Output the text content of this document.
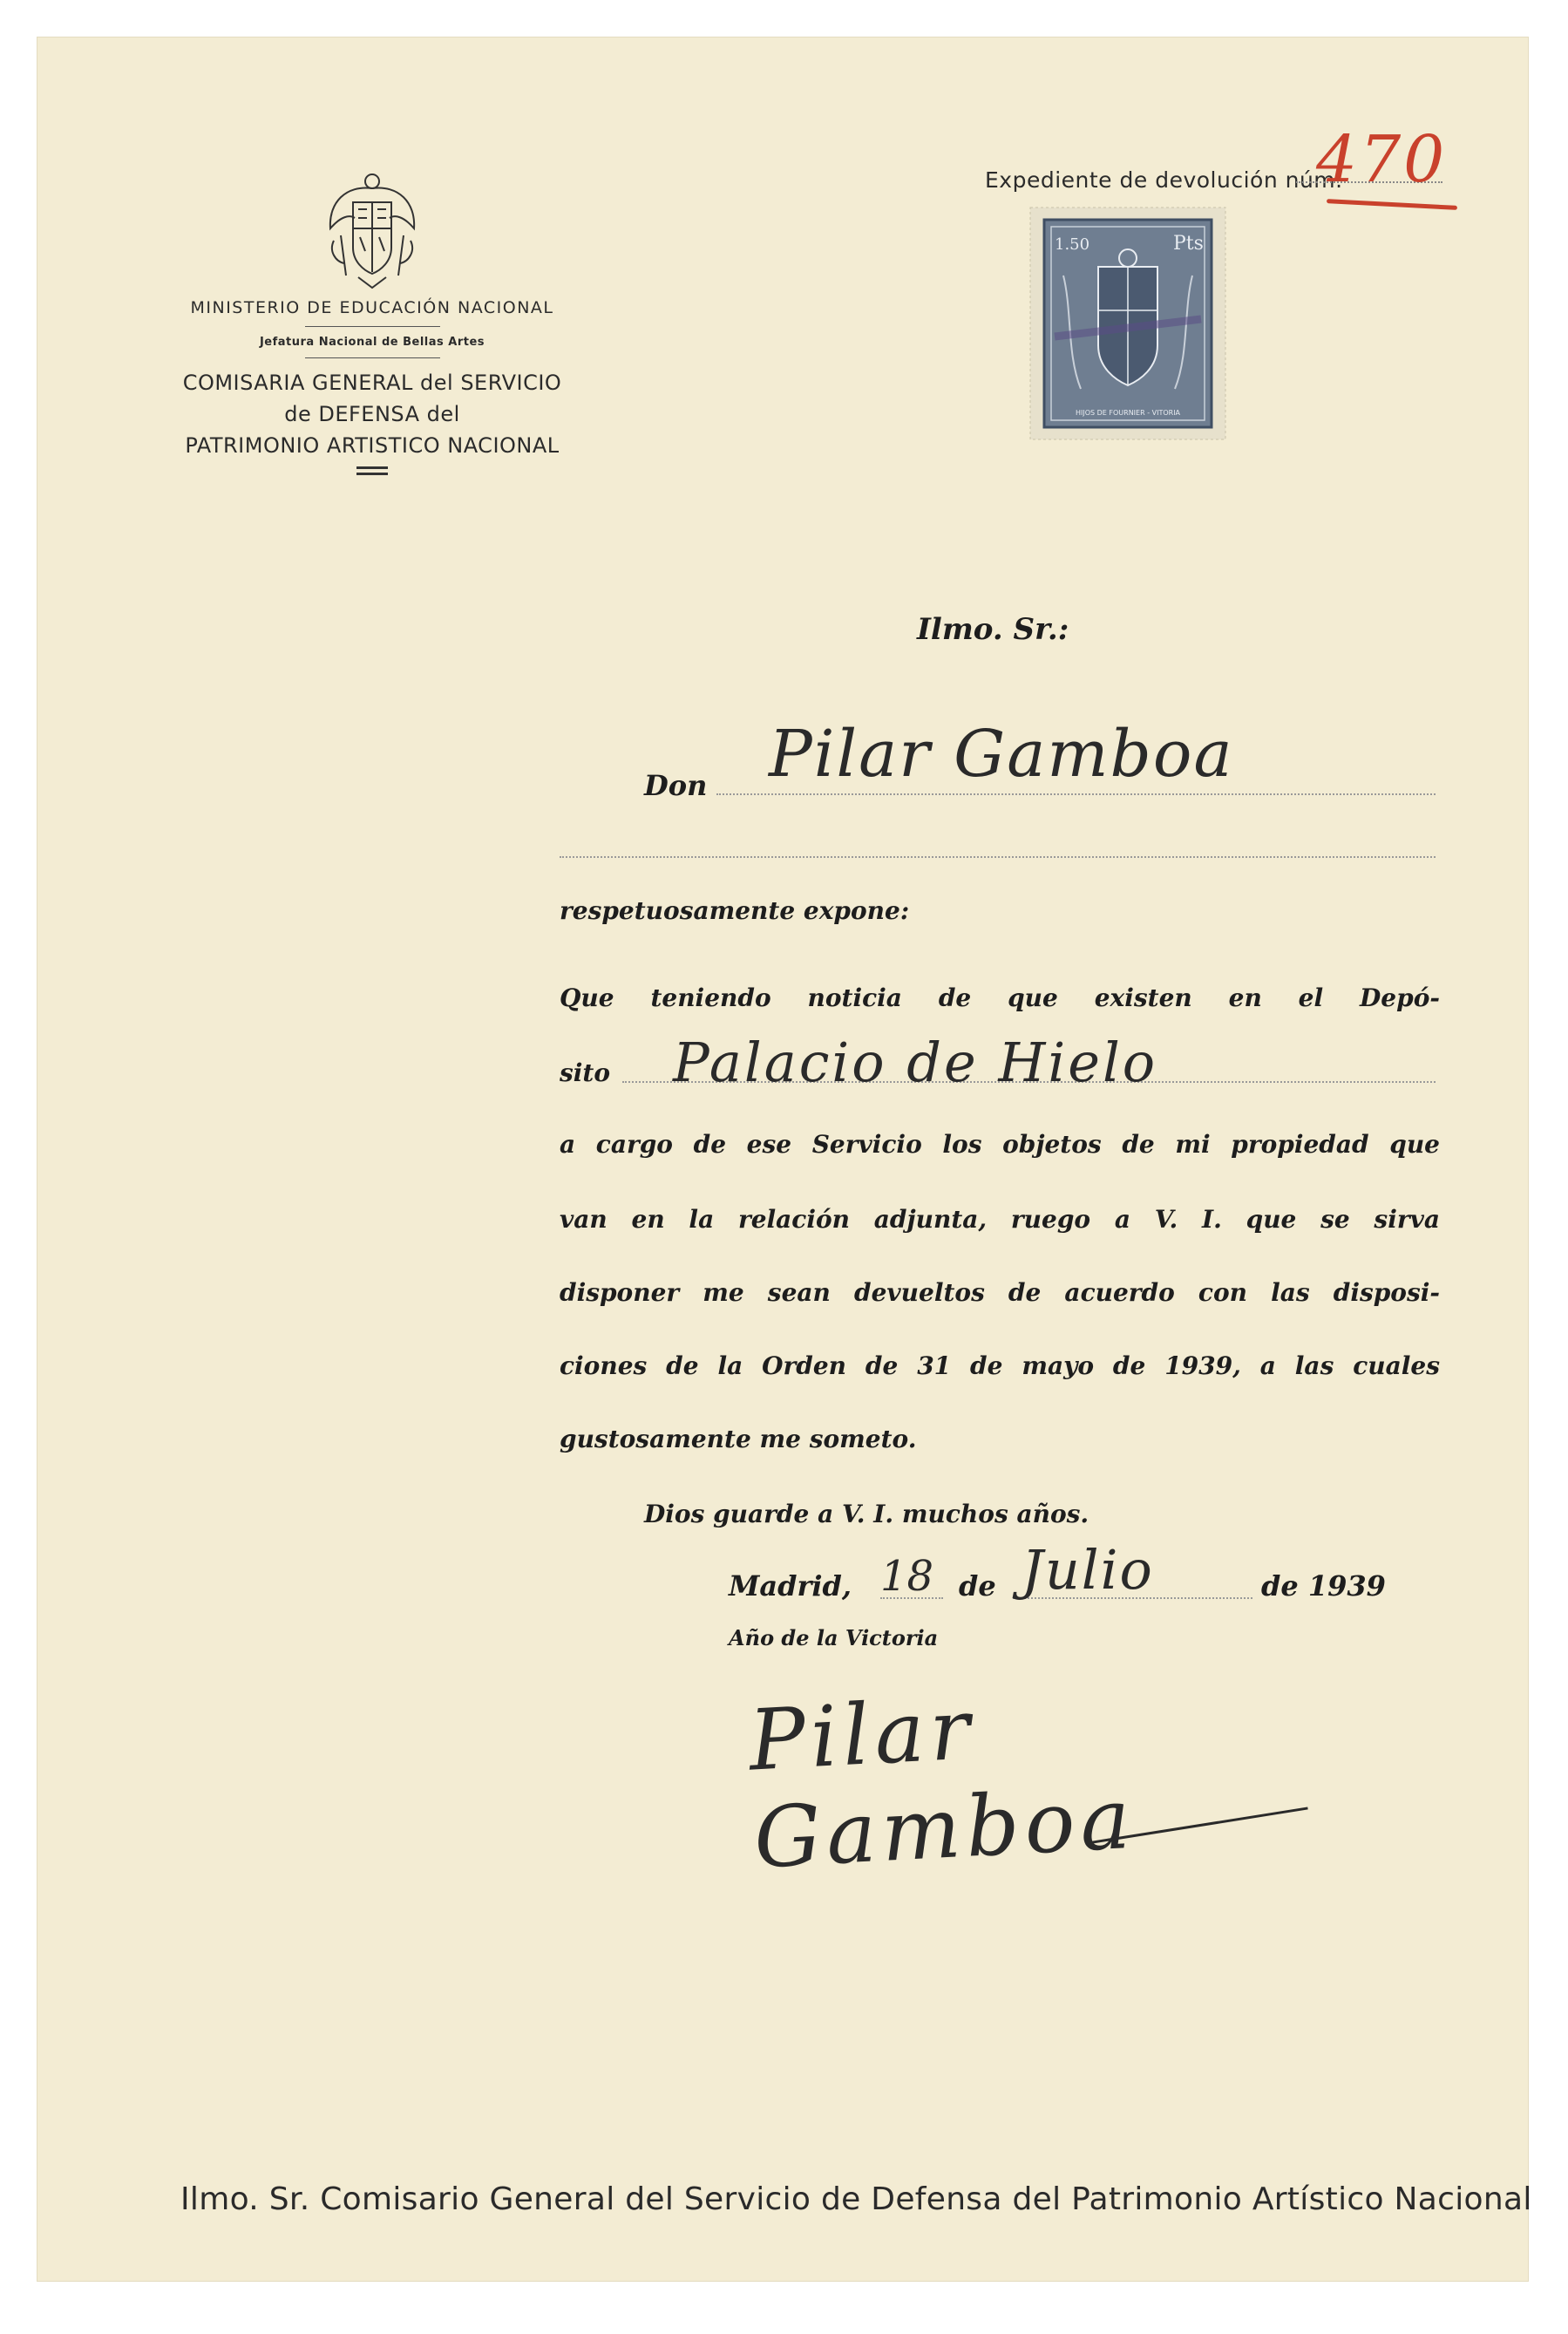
MINISTERIO DE EDUCACIÓN NACIONAL
Jefatura Nacional de Bellas Artes
COMISARIA GENERAL del SERVICIO
de DEFENSA del
PATRIMONIO ARTISTICO NACIONAL
Expediente de devolución núm.
470
1.50	Pts
HIJOS DE FOURNIER - VITORIA
Ilmo. Sr.:
Don Pilar Gamboa
respetuosamente expone:
Que teniendo noticia de que existen en el Depó-
sito Palacio de Hielo
a cargo de ese Servicio los objetos de mi propiedad que
van en la relación adjunta, ruego a V. I. que se sirva
disponer me sean devueltos de acuerdo con las disposi-
ciones de la Orden de 31 de mayo de 1939, a las cuales
gustosamente me someto.
Dios guarde a V. I. muchos años.
Madrid, 18 de Julio	de 1939
Año de la Victoria
Pilar Gamboa
Ilmo. Sr. Comisario General del Servicio de Defensa del Patrimonio Artístico Nacional
